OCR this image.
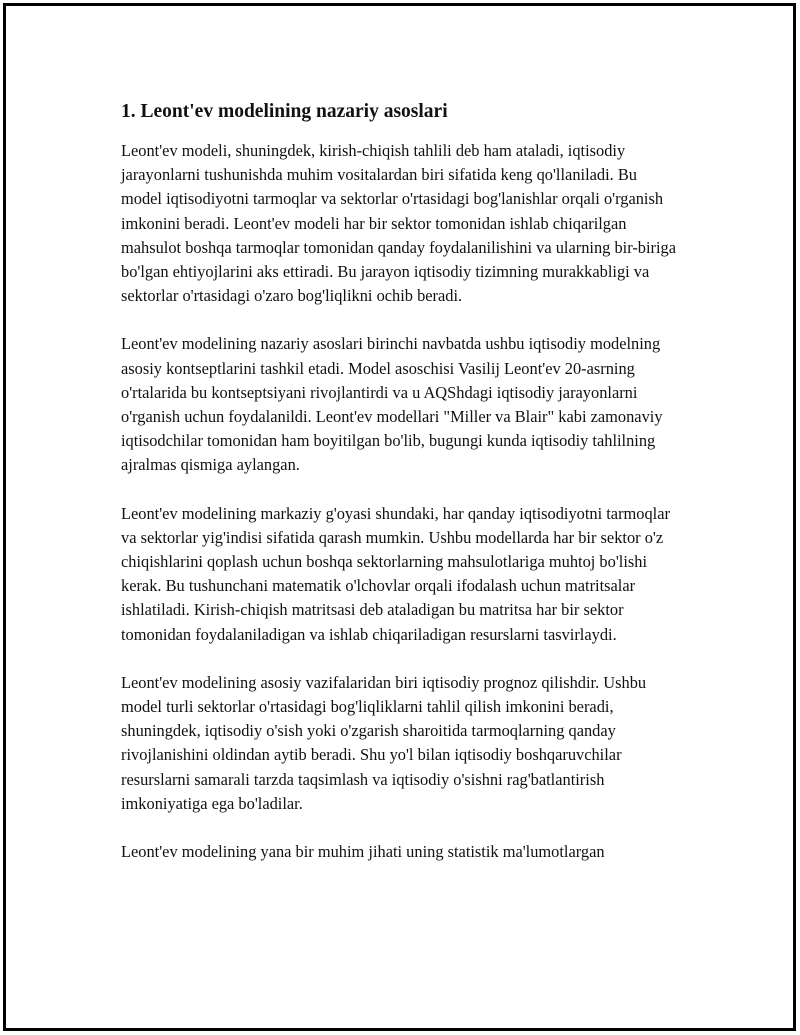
1. Leont'ev modelining nazariy asoslari

Leont'ev modeli, shuningdek, kirish-chiqish tahlili deb ham ataladi, iqtisodiy jarayonlarni tushunishda muhim vositalardan biri sifatida keng qo'llaniladi. Bu model iqtisodiyotni tarmoqlar va sektorlar o'rtasidagi bog'lanishlar orqali o'rganish imkonini beradi. Leont'ev modeli har bir sektor tomonidan ishlab chiqarilgan mahsulot boshqa tarmoqlar tomonidan qanday foydalanilishini va ularning bir-biriga bo'lgan ehtiyojlarini aks ettiradi. Bu jarayon iqtisodiy tizimning murakkabligi va sektorlar o'rtasidagi o'zaro bog'liqlikni ochib beradi.

Leont'ev modelining nazariy asoslari birinchi navbatda ushbu iqtisodiy modelning asosiy kontseptlarini tashkil etadi. Model asoschisi Vasilij Leont'ev 20-asrning o'rtalarida bu kontseptsiyani rivojlantirdi va u AQShdagi iqtisodiy jarayonlarni o'rganish uchun foydalanildi. Leont'ev modellari "Miller va Blair" kabi zamonaviy iqtisodchilar tomonidan ham boyitilgan bo'lib, bugungi kunda iqtisodiy tahlilning ajralmas qismiga aylangan.

Leont'ev modelining markaziy g'oyasi shundaki, har qanday iqtisodiyotni tarmoqlar va sektorlar yig'indisi sifatida qarash mumkin. Ushbu modellarda har bir sektor o'z chiqishlarini qoplash uchun boshqa sektorlarning mahsulotlariga muhtoj bo'lishi kerak. Bu tushunchani matematik o'lchovlar orqali ifodalash uchun matritsalar ishlatiladi. Kirish-chiqish matritsasi deb ataladigan bu matritsa har bir sektor tomonidan foydalaniladigan va ishlab chiqariladigan resurslarni tasvirlaydi.

Leont'ev modelining asosiy vazifalaridan biri iqtisodiy prognoz qilishdir. Ushbu model turli sektorlar o'rtasidagi bog'liqliklarni tahlil qilish imkonini beradi, shuningdek, iqtisodiy o'sish yoki o'zgarish sharoitida tarmoqlarning qanday rivojlanishini oldindan aytib beradi. Shu yo'l bilan iqtisodiy boshqaruvchilar resurslarni samarali tarzda taqsimlash va iqtisodiy o'sishni rag'batlantirish imkoniyatiga ega bo'ladilar.

Leont'ev modelining yana bir muhim jihati uning statistik ma'lumotlargan
